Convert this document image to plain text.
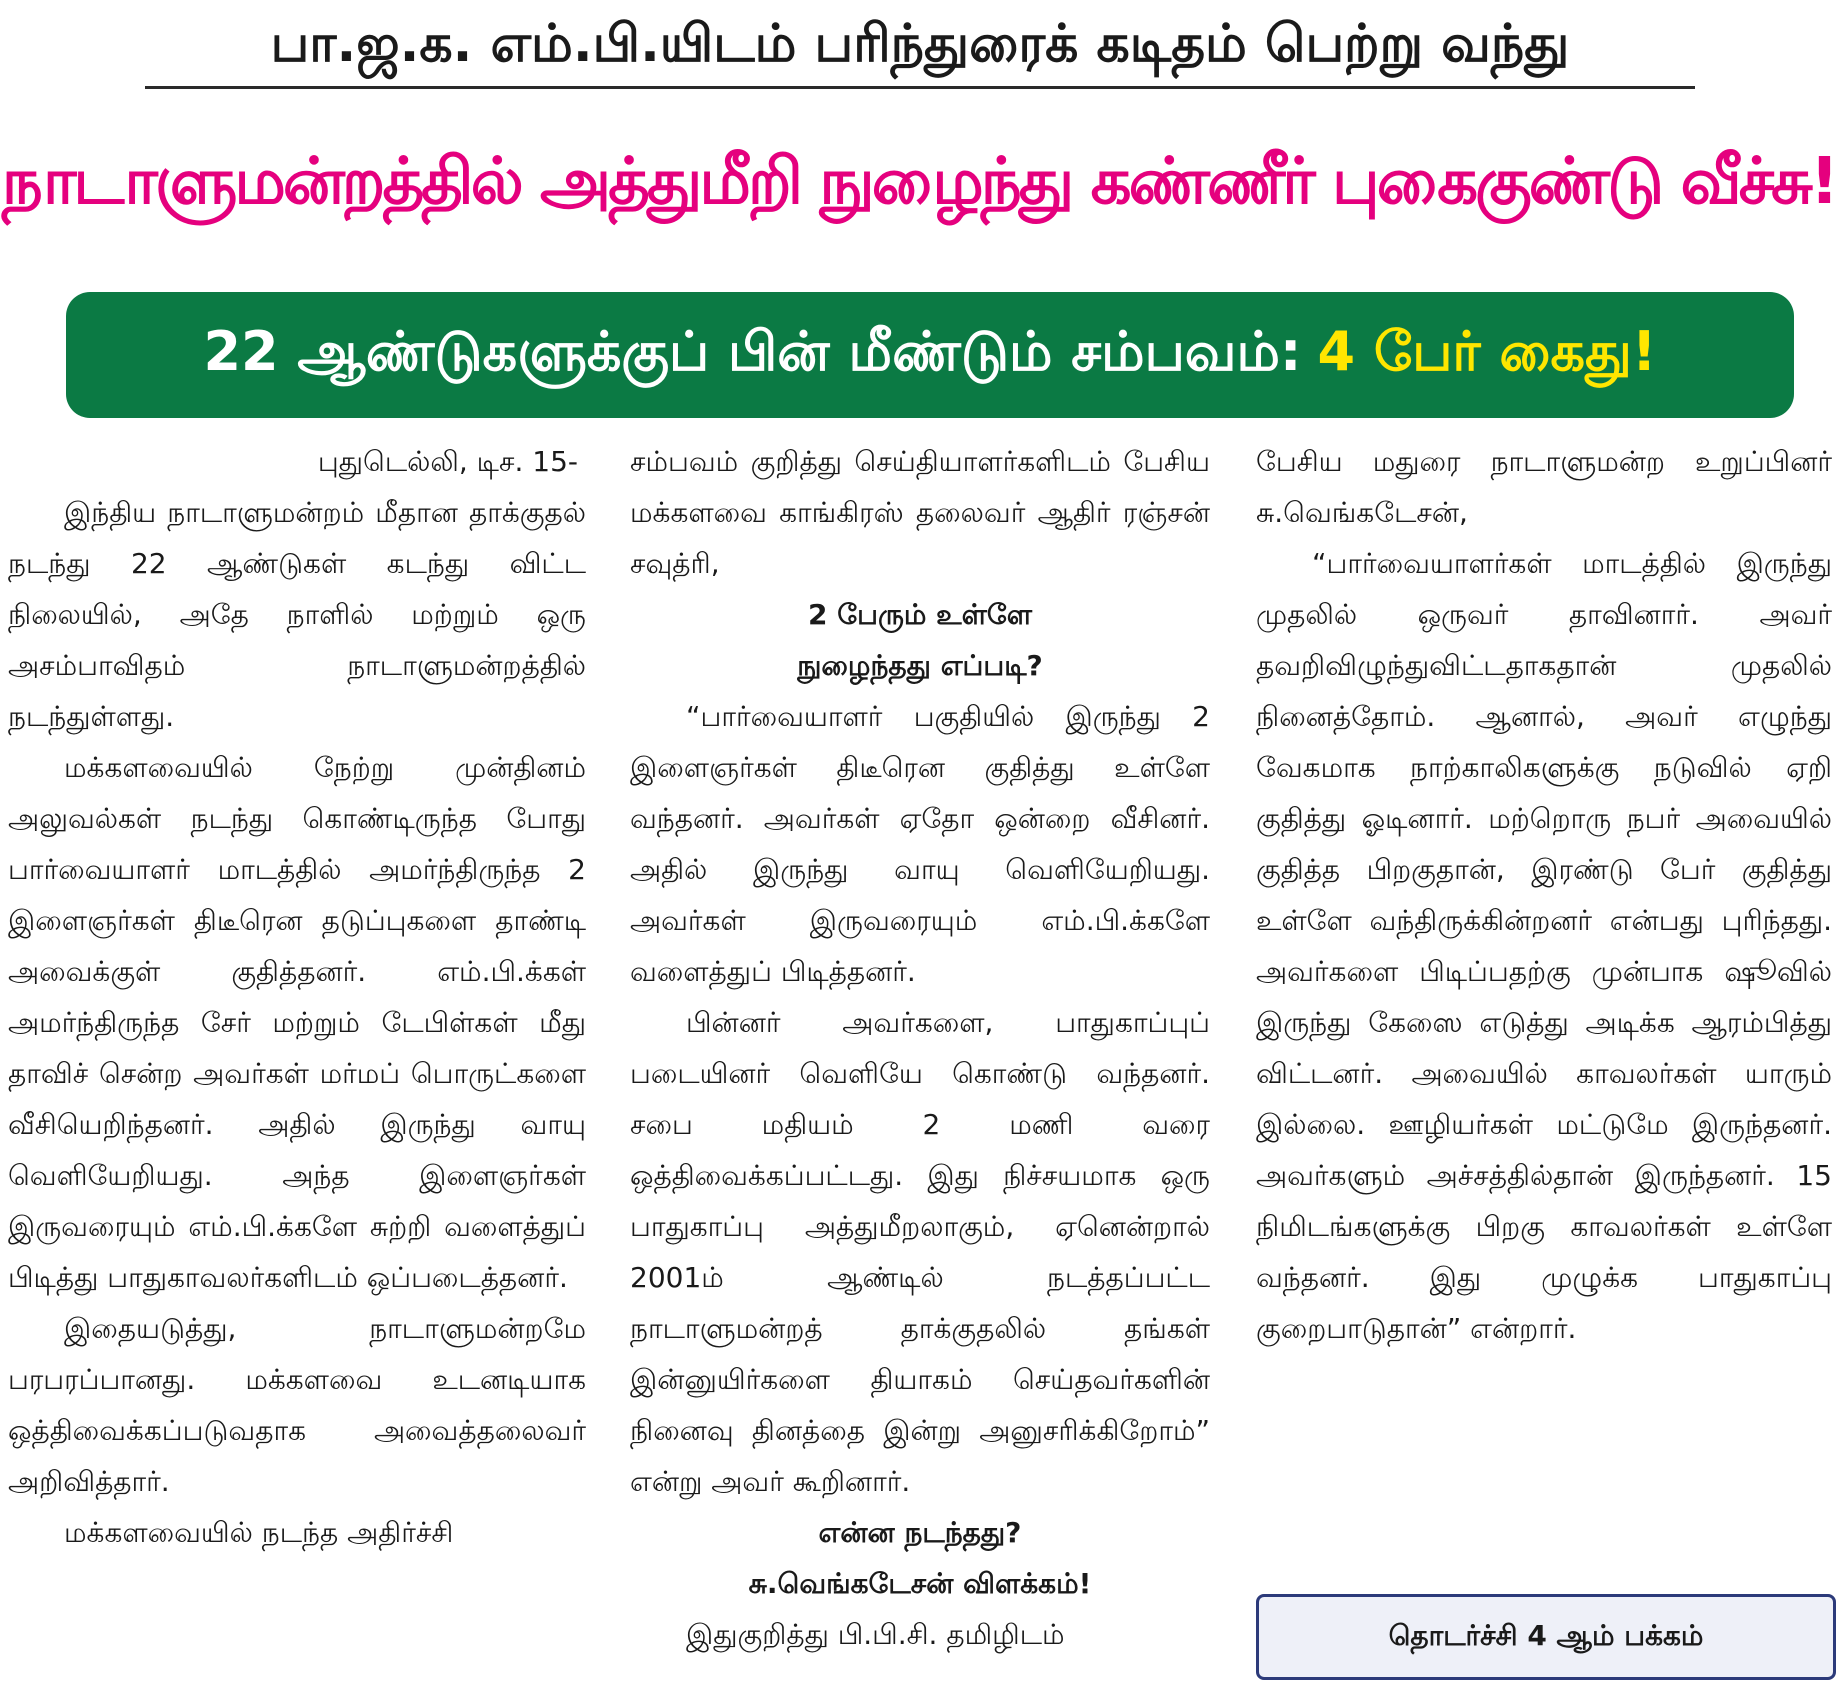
பா.ஜ.க. எம்.பி.யிடம் பரிந்துரைக் கடிதம் பெற்று வந்து
நாடாளுமன்றத்தில் அத்துமீறி நுழைந்து கண்ணீர் புகைகுண்டு வீச்சு!
22 ஆண்டுகளுக்குப் பின் மீண்டும் சம்பவம்: 4 பேர் கைது!

புதுடெல்லி, டிச. 15-

இந்திய நாடாளுமன்றம் மீதான தாக்குதல் நடந்து 22 ஆண்டுகள் கடந்து விட்ட நிலையில், அதே நாளில் மற்றும் ஒரு அசம்பாவிதம் நாடாளுமன்றத்தில் நடந்துள்ளது.

மக்களவையில் நேற்று முன்தினம் அலுவல்கள் நடந்து கொண்டிருந்த போது பார்வையாளர் மாடத்தில் அமர்ந்திருந்த 2 இளைஞர்கள் திடீரென தடுப்புகளை தாண்டி அவைக்குள் குதித்தனர். எம்.பி.க்கள் அமர்ந்திருந்த சேர் மற்றும் டேபிள்கள் மீது தாவிச் சென்ற அவர்கள் மர்மப் பொருட்களை வீசியெறிந்தனர். அதில் இருந்து வாயு வெளியேறியது. அந்த இளைஞர்கள் இருவரையும் எம்.பி.க்களே சுற்றி வளைத்துப் பிடித்து பாதுகாவலர்களிடம் ஒப்படைத்தனர்.

இதையடுத்து, நாடாளுமன்றமே பரபரப்பானது. மக்களவை உடனடியாக ஒத்திவைக்கப்படுவதாக அவைத்தலைவர் அறிவித்தார்.

மக்களவையில் நடந்த அதிர்ச்சி

சம்பவம் குறித்து செய்தியாளர்களிடம் பேசிய மக்களவை காங்கிரஸ் தலைவர் ஆதிர் ரஞ்சன் சவுத்ரி,

2 பேரும் உள்ளே

நுழைந்தது எப்படி?

“பார்வையாளர் பகுதியில் இருந்து 2 இளைஞர்கள் திடீரென குதித்து உள்ளே வந்தனர். அவர்கள் ஏதோ ஒன்றை வீசினர். அதில் இருந்து வாயு வெளியேறியது. அவர்கள் இருவரையும் எம்.பி.க்களே வளைத்துப் பிடித்தனர்.

பின்னர் அவர்களை, பாதுகாப்புப் படையினர் வெளியே கொண்டு வந்தனர். சபை மதியம் 2 மணி வரை ஒத்திவைக்கப்பட்டது. இது நிச்சயமாக ஒரு பாதுகாப்பு அத்துமீறலாகும், ஏனென்றால் 2001ம் ஆண்டில் நடத்தப்பட்ட நாடாளுமன்றத் தாக்குதலில் தங்கள் இன்னுயிர்களை தியாகம் செய்தவர்களின் நினைவு தினத்தை இன்று அனுசரிக்கிறோம்” என்று அவர் கூறினார்.

என்ன நடந்தது?

சு.வெங்கடேசன் விளக்கம்!

இதுகுறித்து பி.பி.சி. தமிழிடம்

பேசிய மதுரை நாடாளுமன்ற உறுப்பினர் சு.வெங்கடேசன்,

“பார்வையாளர்கள் மாடத்தில் இருந்து முதலில் ஒருவர் தாவினார். அவர் தவறிவிழுந்துவிட்டதாகதான் முதலில் நினைத்தோம். ஆனால், அவர் எழுந்து வேகமாக நாற்காலிகளுக்கு நடுவில் ஏறி குதித்து ஓடினார். மற்றொரு நபர் அவையில் குதித்த பிறகுதான், இரண்டு பேர் குதித்து உள்ளே வந்திருக்கின்றனர் என்பது புரிந்தது. அவர்களை பிடிப்பதற்கு முன்பாக ஷூவில் இருந்து கேஸை எடுத்து அடிக்க ஆரம்பித்து விட்டனர். அவையில் காவலர்கள் யாரும் இல்லை. ஊழியர்கள் மட்டுமே இருந்தனர். அவர்களும் அச்சத்தில்தான் இருந்தனர். 15 நிமிடங்களுக்கு பிறகு காவலர்கள் உள்ளே வந்தனர். இது முழுக்க பாதுகாப்பு குறைபாடுதான்” என்றார்.

தொடர்ச்சி 4 ஆம் பக்கம்
